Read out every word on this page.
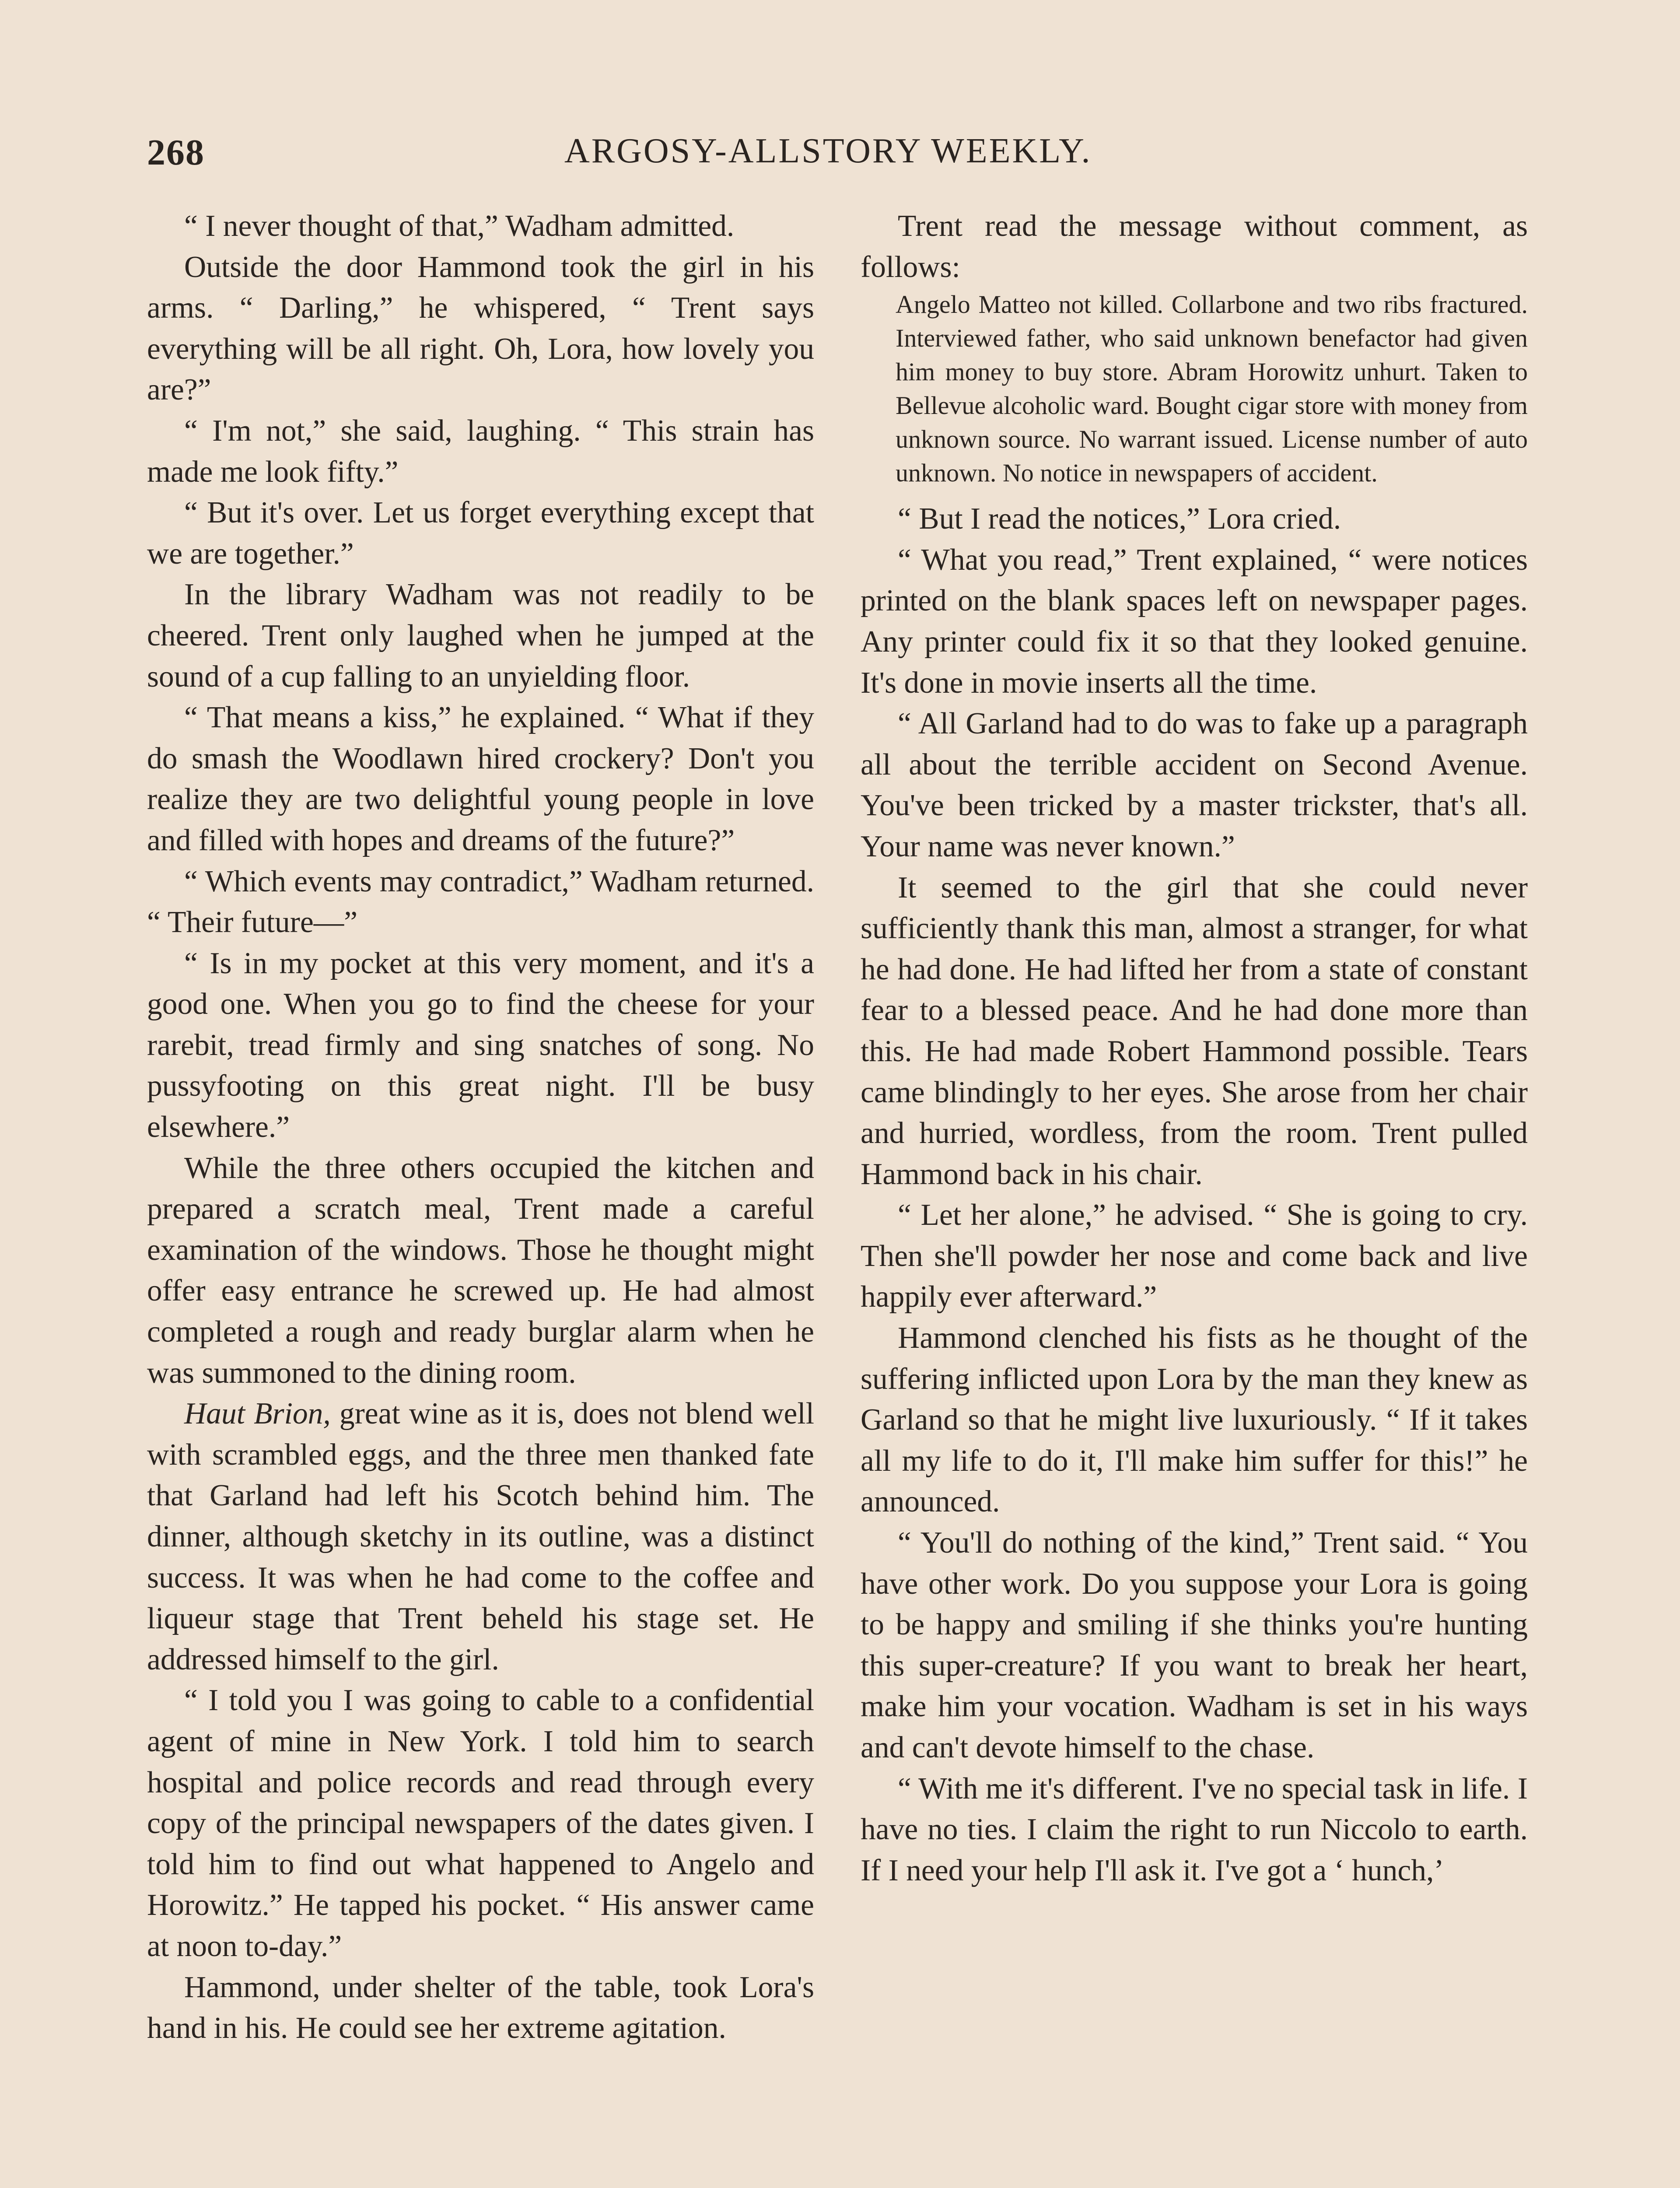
268	ARGOSY-ALLSTORY WEEKLY.

“ I never thought of that,” Wadham admitted.

Outside the door Hammond took the girl in his arms. “ Darling,” he whispered, “ Trent says everything will be all right. Oh, Lora, how lovely you are?”

“ I'm not,” she said, laughing. “ This strain has made me look fifty.”

“ But it's over. Let us forget everything except that we are together.”

In the library Wadham was not readily to be cheered. Trent only laughed when he jumped at the sound of a cup falling to an unyielding floor.

“ That means a kiss,” he explained. “ What if they do smash the Woodlawn hired crockery? Don't you realize they are two delightful young people in love and filled with hopes and dreams of the future?”

“ Which events may contradict,” Wadham returned. “ Their future—”

“ Is in my pocket at this very moment, and it's a good one. When you go to find the cheese for your rarebit, tread firmly and sing snatches of song. No pussyfooting on this great night. I'll be busy elsewhere.”

While the three others occupied the kitchen and prepared a scratch meal, Trent made a careful examination of the windows. Those he thought might offer easy entrance he screwed up. He had almost completed a rough and ready burglar alarm when he was summoned to the dining room.

Haut Brion, great wine as it is, does not blend well with scrambled eggs, and the three men thanked fate that Garland had left his Scotch behind him. The dinner, although sketchy in its outline, was a distinct success. It was when he had come to the coffee and liqueur stage that Trent beheld his stage set. He addressed himself to the girl.

“ I told you I was going to cable to a confidential agent of mine in New York. I told him to search hospital and police records and read through every copy of the principal newspapers of the dates given. I told him to find out what happened to Angelo and Horowitz.” He tapped his pocket. “ His answer came at noon to-day.”

Hammond, under shelter of the table, took Lora's hand in his. He could see her extreme agitation.

Trent read the message without comment, as follows:

Angelo Matteo not killed. Collarbone and two ribs fractured. Interviewed father, who said unknown benefactor had given him money to buy store. Abram Horowitz unhurt. Taken to Bellevue alcoholic ward. Bought cigar store with money from unknown source. No warrant issued. License number of auto unknown. No notice in newspapers of accident.

“ But I read the notices,” Lora cried.

“ What you read,” Trent explained, “ were notices printed on the blank spaces left on newspaper pages. Any printer could fix it so that they looked genuine. It's done in movie inserts all the time.

“ All Garland had to do was to fake up a paragraph all about the terrible accident on Second Avenue. You've been tricked by a master trickster, that's all. Your name was never known.”

It seemed to the girl that she could never sufficiently thank this man, almost a stranger, for what he had done. He had lifted her from a state of constant fear to a blessed peace. And he had done more than this. He had made Robert Hammond possible. Tears came blindingly to her eyes. She arose from her chair and hurried, wordless, from the room. Trent pulled Hammond back in his chair.

“ Let her alone,” he advised. “ She is going to cry. Then she'll powder her nose and come back and live happily ever afterward.”

Hammond clenched his fists as he thought of the suffering inflicted upon Lora by the man they knew as Garland so that he might live luxuriously. “ If it takes all my life to do it, I'll make him suffer for this!” he announced.

“ You'll do nothing of the kind,” Trent said. “ You have other work. Do you suppose your Lora is going to be happy and smiling if she thinks you're hunting this super-creature? If you want to break her heart, make him your vocation. Wadham is set in his ways and can't devote himself to the chase.

“ With me it's different. I've no special task in life. I have no ties. I claim the right to run Niccolo to earth. If I need your help I'll ask it. I've got a ‘ hunch,’
